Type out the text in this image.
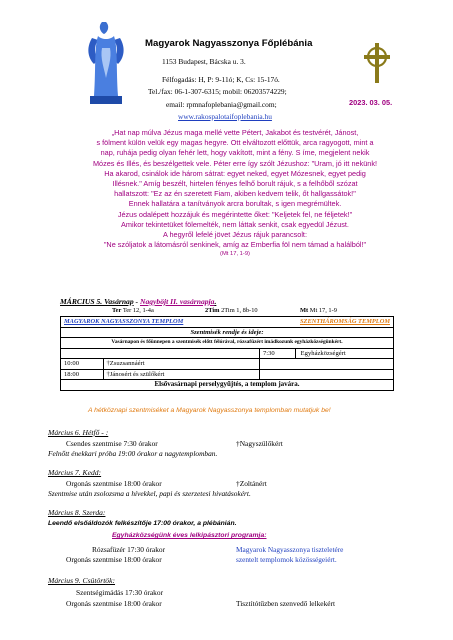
Magyarok Nagyasszonya Főplébánia
1153 Budapest, Bácska u. 3.
Félfogadás: H, P: 9-11ó; K, Cs: 15-17ó.
Tel./fax: 06-1-307-6315; mobil: 06203574229;
email: rpmnafoplebania@gmail.com;
www.rakospalotaifoplebania.hu
2023. 03. 05.
„Hat nap múlva Jézus maga mellé vette Pétert, Jakabot és testvérét, Jánost,
s fölment külön velük egy magas hegyre. Ott elváltozott előttük, arca ragyogott, mint a
nap, ruhája pedig olyan fehér lett, hogy vakított, mint a fény. S íme, megjelent nekik
Mózes és Illés, és beszélgettek vele. Péter erre így szólt Jézushoz: "Uram, jó itt nekünk!
Ha akarod, csinálok ide három sátrat: egyet neked, egyet Mózesnek, egyet pedig
Illésnek." Amíg beszélt, hirtelen fényes felhő borult rájuk, s a felhőből szózat
hallatszott: "Ez az én szeretett Fiam, akiben kedvem telik, őt hallgassátok!"
Ennek hallatára a tanítványok arcra borultak, s igen megrémültek.
Jézus odalépett hozzájuk és megérintette őket: "Keljetek fel, ne féljetek!"
Amikor tekintetüket fölemelték, nem láttak senkit, csak egyedül Jézust.
A hegyről lefelé jövet Jézus rájuk parancsolt:
"Ne szóljatok a látomásról senkinek, amíg az Emberfia föl nem támad a halálból!"
(Mt 17, 1-9)
MÁRCIUS 5. Vasárnap - Nagyböjt II. vasárnapja.
Ter Ter 12, 1-4a	2Tim 2Tim 1, 8b-10	Mt Mt 17, 1-9
MAGYAROK NAGYASSZONYA TEMPLOM SZENTHÁROMSÁG TEMPLOM		

Szentmisék rendje és ideje:		
Vasárnapon és főünnepen a szentmisék előtt félórával, rózsafüzért imádkozunk egyházközségünkért.		
		7:30 Egyházközségért
10:00	†Zsuzsannáért	
18:00	†Jánosért és szülőkért	
Elsővasárnapi perselygyűjtés, a templom javára.		
A hétköznapi szentmiséket a Magyarok Nagyasszonya templomban mutatjuk be!
Március 6. Hétfő - :
Csendes szentmise 7:30 órakor	†Nagyszülőkért
Felnőtt énekkari próba 19:00 órakor a nagytemplomban.
Március 7. Kedd:
Orgonás szentmise 18:00 órakor	†Zoltánért
Szentmise után zsolozsma a hívekkel, papi és szerzetesi hivatásokért.
Március 8. Szerda:
Leendő elsőáldozók felkészítője 17:00 órakor, a plébánián.
Egyházközségünk éves lelkipásztori programja:
Rózsafüzér 17:30 órakor
Orgonás szentmise 18:00 órakor
Magyarok Nagyasszonya tiszteletére
szentelt templomok közösségeiért.
Március 9. Csütörtök:
Szentségimádás 17:30 órakor
Orgonás szentmise 18:00 órakor	Tisztítótűzben szenvedő lelkekért
